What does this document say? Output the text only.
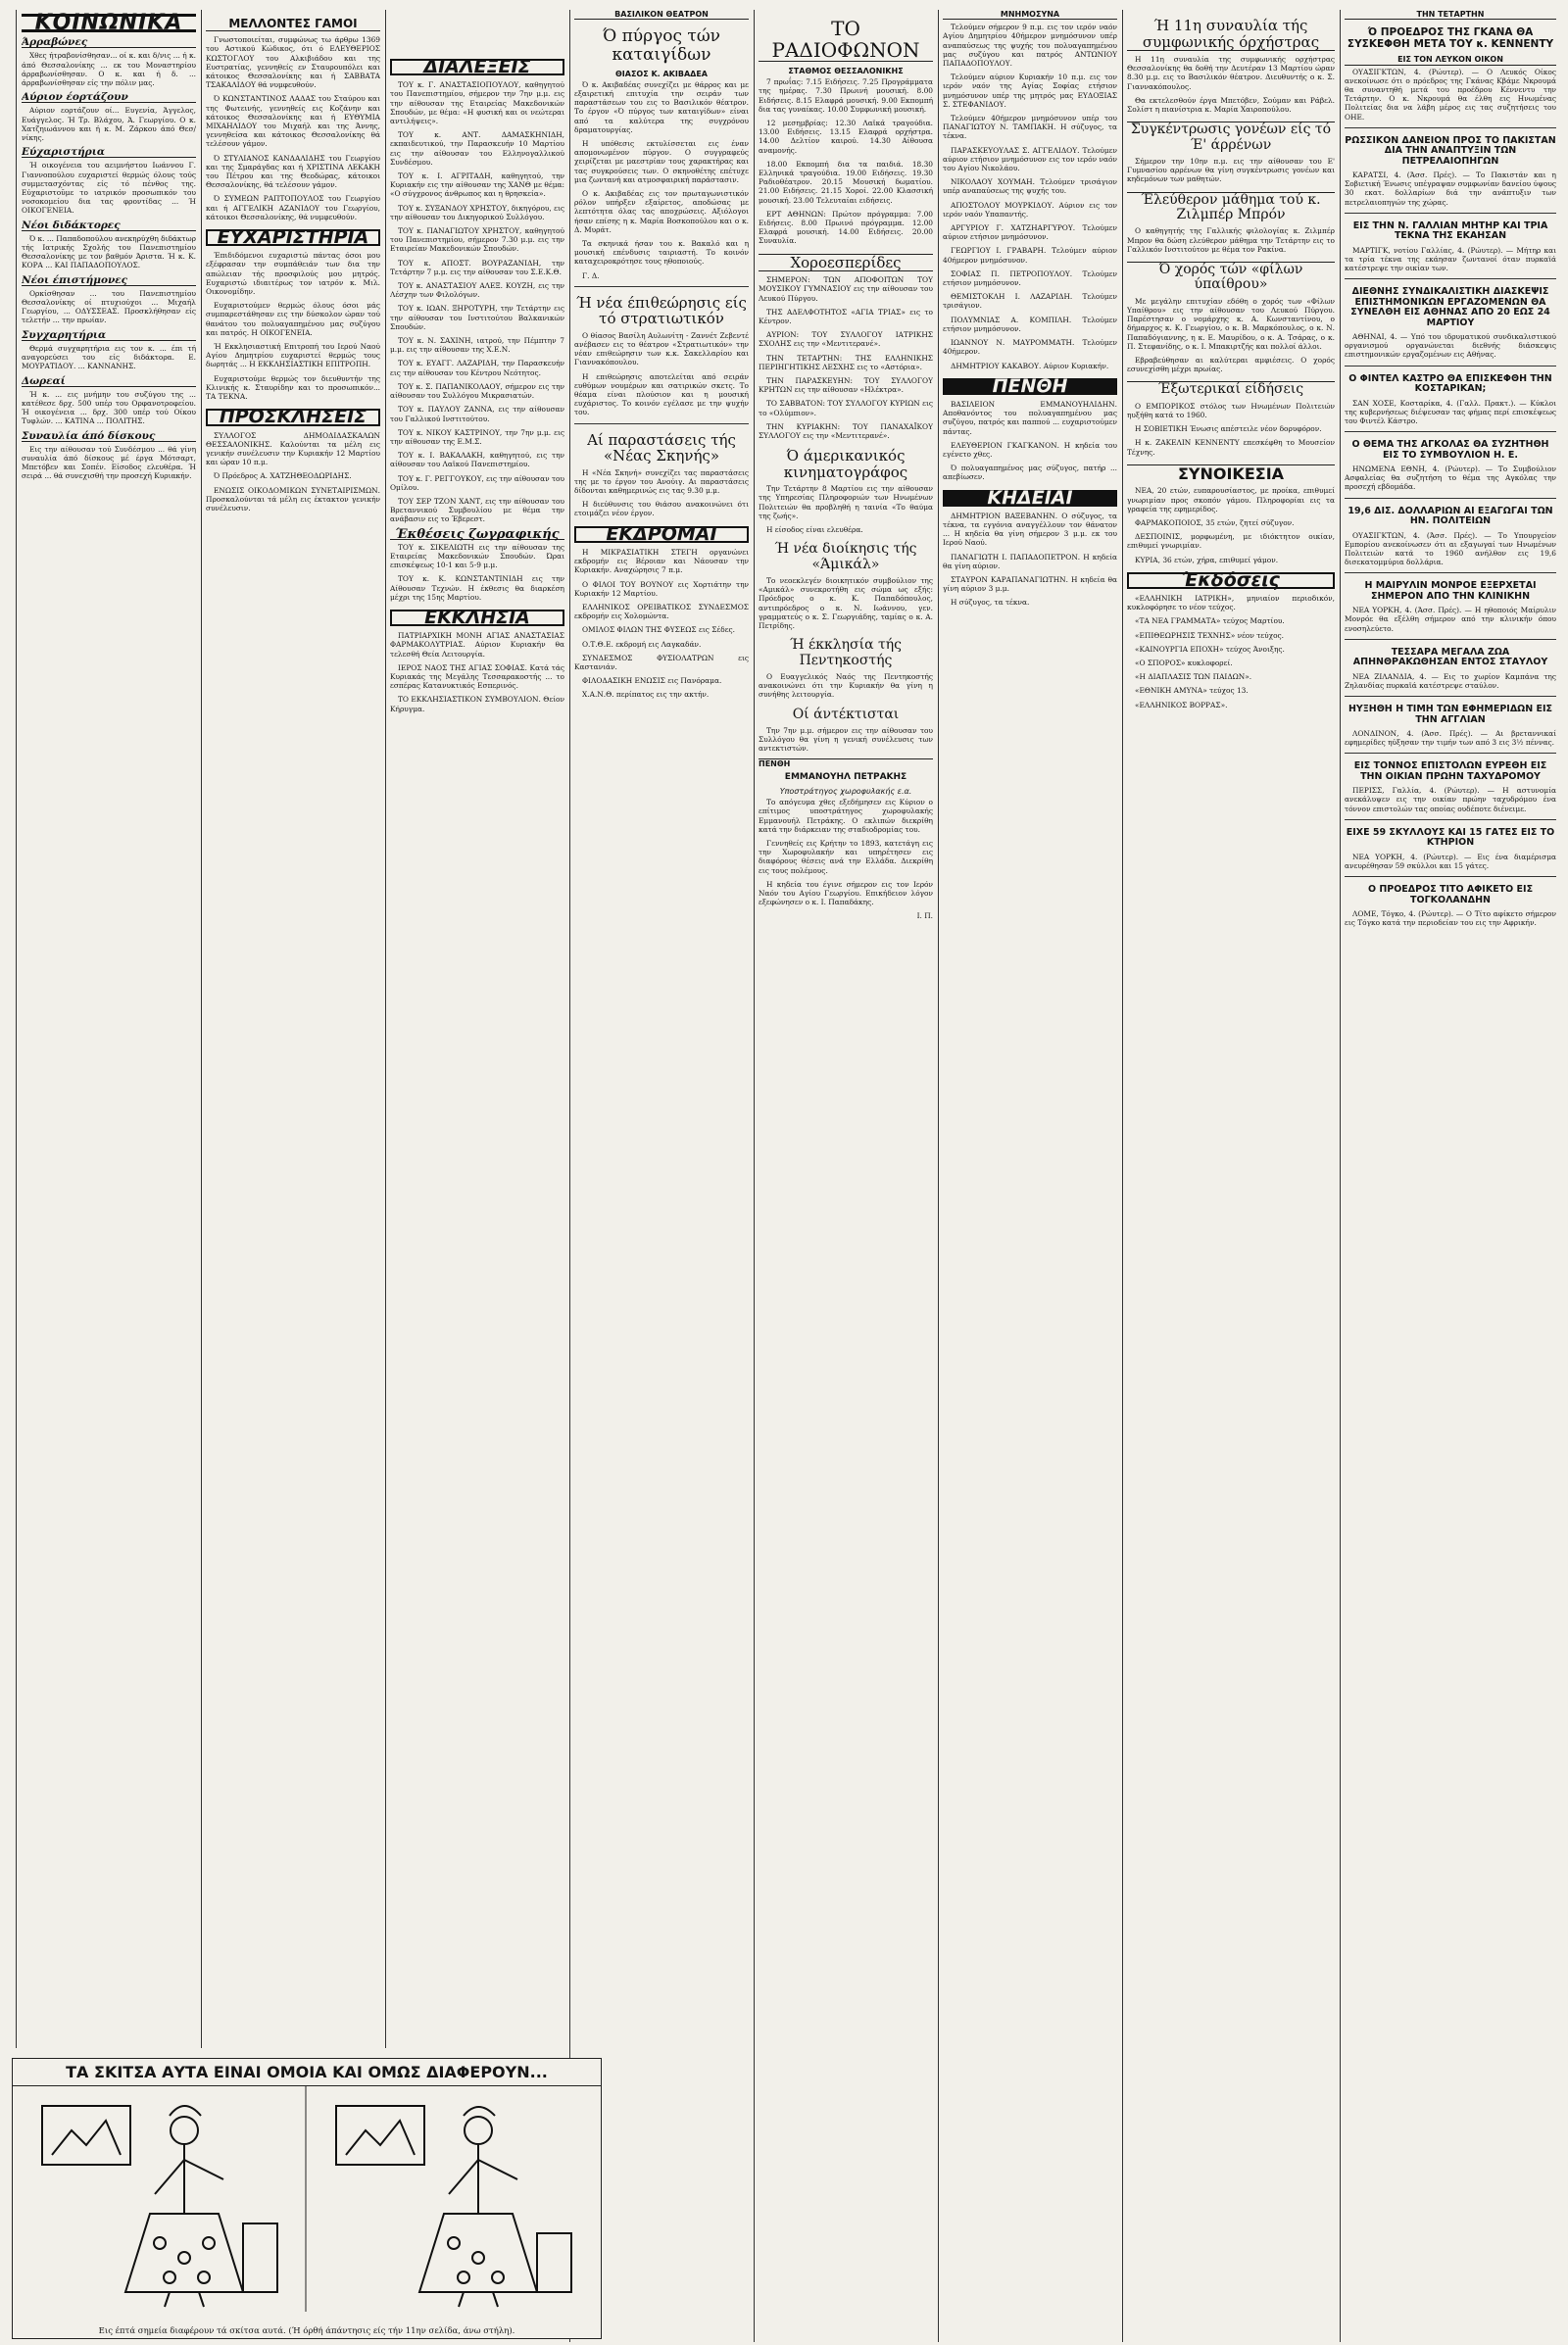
ΚΟΙΝΩΝΙΚΑ
Άρραβώνες

Χθες ήτραβονίσθησαν... οί κ. και δ/νις ... ή κ. άπό Θεσσαλονίκης ... εκ του Μοναστηρίου άρραβωνίσθησαν. Ο κ. και ή δ. ... άρραβωνίσθησαν είς την πόλιν μας.

Αύριον έορτάζουν

Αύριον εορτάζουν οί... Ευγενία, Άγγελος, Ευάγγελος. Ή Τρ. Βλάχου, Ά. Γεωργίου. Ο κ. Χατζηιωάννου και ή κ. Μ. Ζάρκου άπό Θεσ/νίκης.

Εύχαριστήρια

Ή οικογένεια του αειμνήστου Ιωάννου Γ. Γιαννοπούλου ευχαριστεί θερμώς όλους τούς συμμετασχόντας είς τό πένθος της. Εύχαριστοῦμε το ιατρικόν προσωπικόν του νοσοκομείου δια τας φροντίδας ... Ή ΟΙΚΟΓΕΝΕΙΑ.

Νέοι διδάκτορες

Ό κ. ... Παπαδοπούλου ανεκηρύχθη διδάκτωρ τής Ιατρικής Σχολής του Πανεπιστημίου Θεσσαλονίκης με τον βαθμόν Άριστα. Ή κ. Κ. ΚΟΡΑ ... ΚΑΙ ΠΑΠΑΔΟΠΟΥΛΟΣ.

Νέοι έπιστήμονες

Ορκίσθησαν ... του Πανεπιστημίου Θεσσαλονίκης οί πτυχιούχοι ... Μιχαήλ Γεωργίου, ... ΟΔΥΣΣΕΑΣ. Προσκλήθησαν είς τελετήν ... την πρωίαν.

Συγχαρητήρια

Θερμά συγχαρητήρια εις τον κ. ... έπι τή αναγορεύσει του είς διδάκτορα. Ε. ΜΟΥΡΑΤΙΔΟΥ. ... ΚΑΝΝΑΝΗΣ.

Δωρεαί

Ή κ. ... εις μνήμην του συζύγου της ... κατέθεσε δρχ. 500 υπέρ του Ορφανοτροφείου. Ή οικογένεια ... δρχ. 300 υπέρ τού Οίκου Τυφλών. ... ΚΑΤΙΝΑ ... ΠΟΛΙΤΗΣ.

Συναυλία άπό δίσκους

Εις την αίθουσαν τού Συνδέσμου ... θά γίνη συναυλία άπό δίσκους μέ έργα Μότσαρτ, Μπετόβεν και Σοπέν. Είσοδος ελευθέρα. Ή σειρά ... θά συνεχισθή την προσεχή Κυριακήν.

ΜΕΛΛΟΝΤΕΣ ΓΑΜΟΙ

Γνωστοποιείται, συμφώνως τω άρθρω 1369 του Αστικού Κώδικος, ότι ό ΕΛΕΥΘΕΡΙΟΣ ΚΩΣΤΟΓΛΟΥ του Αλκιβιάδου και της Ευστρατίας, γεννηθείς εν Σταυρουπόλει και κάτοικος Θεσσαλονίκης και ή ΣΑΒΒΑΤΑ ΤΣΑΚΑΛΙΔΟΥ θά νυμφευθούν.

Ό ΚΩΝΣΤΑΝΤΙΝΟΣ ΛΑΔΑΣ του Σταύρου και της Φωτεινής, γεννηθείς εις Κοζάνην και κάτοικος Θεσσαλονίκης και ή ΕΥΘΥΜΙΑ ΜΙΧΑΗΛΙΔΟΥ του Μιχαήλ και της Άννης, γεννηθείσα και κάτοικος Θεσσαλονίκης θά τελέσουν γάμον.

Ό ΣΤΥΛΙΑΝΟΣ ΚΑΝΔΑΛΙΔΗΣ του Γεωργίου και της Σμαράγδας και ή ΧΡΙΣΤΙΝΑ ΛΕΚΑΚΗ του Πέτρου και της Θεοδώρας, κάτοικοι Θεσσαλονίκης, θά τελέσουν γάμον.

Ό ΣΥΜΕΩΝ ΡΑΠΤΟΠΟΥΛΟΣ του Γεωργίου και ή ΑΓΓΕΛΙΚΗ ΑΖΑΝΙΔΟΥ του Γεωργίου, κάτοικοι Θεσσαλονίκης, θά νυμφευθούν.

ΕΥΧΑΡΙΣΤΗΡΙΑ

Έπιδιδόμενοι ευχαριστώ πάντας όσοι μου εξέφρασαν την συμπάθειάν των δια την απώλειαν τής προσφιλούς μου μητρός. Ευχαριστώ ιδιαιτέρως τον ιατρόν κ. Μιλ. Οικονομίδην.

Ευχαριστούμεν θερμώς όλους όσοι μάς συμπαρεστάθησαν εις την δύσκολον ώραν τού θανάτου του πολυαγαπημένου μας συζύγου και πατρός. Η ΟΙΚΟΓΕΝΕΙΑ.

Ή Εκκλησιαστική Επιτροπή του Ιερού Ναού Αγίου Δημητρίου ευχαριστεί θερμώς τους δωρητάς ... Η ΕΚΚΛΗΣΙΑΣΤΙΚΗ ΕΠΙΤΡΟΠΗ.

Ευχαριστούμε θερμώς τον διευθυντήν της Κλινικής κ. Σταυρίδην και το προσωπικόν... ΤΑ ΤΕΚΝΑ.

ΠΡΟΣΚΛΗΣΕΙΣ

ΣΥΛΛΟΓΟΣ ΔΗΜΟΔΙΔΑΣΚΑΛΩΝ ΘΕΣΣΑΛΟΝΙΚΗΣ. Καλούνται τα μέλη εις γενικήν συνέλευσιν την Κυριακήν 12 Μαρτίου και ώραν 10 π.μ.

Ό Πρόεδρος Α. ΧΑΤΖΗΘΕΟΔΩΡΙΔΗΣ.

ΕΝΩΣΙΣ ΟΙΚΟΔΟΜΙΚΩΝ ΣΥΝΕΤΑΙΡΙΣΜΩΝ. Προσκαλούνται τά μέλη εις έκτακτον γενικήν συνέλευσιν.

ΔΙΑΛΕΞΕΙΣ

ΤΟΥ κ. Γ. ΑΝΑΣΤΑΣΙΟΠΟΥΛΟΥ, καθηγητού του Πανεπιστημίου, σήμερον την 7ην μ.μ. εις την αίθουσαν της Εταιρείας Μακεδονικών Σπουδών, με θέμα: «Η φυσική και οι νεώτεραι αντιλήψεις».

ΤΟΥ κ. ΑΝΤ. ΔΑΜΑΣΚΗΝΙΔΗ, εκπαιδευτικού, την Παρασκευήν 10 Μαρτίου εις την αίθουσαν του Ελληνογαλλικού Συνδέσμου.

ΤΟΥ κ. Ι. ΑΓΡΙΤΑΔΗ, καθηγητού, την Κυριακήν εις την αίθουσαν της ΧΑΝΘ με θέμα: «Ο σύγχρονος άνθρωπος και η θρησκεία».

ΤΟΥ κ. ΣΥΞΑΝΔΟΥ ΧΡΗΣΤΟΥ, δικηγόρου, εις την αίθουσαν του Δικηγορικού Συλλόγου.

ΤΟΥ κ. ΠΑΝΑΓΙΩΤΟΥ ΧΡΗΣΤΟΥ, καθηγητού του Πανεπιστημίου, σήμερον 7.30 μ.μ. εις την Εταιρείαν Μακεδονικών Σπουδών.

ΤΟΥ κ. ΑΠΟΣΤ. ΒΟΥΡΑΖΑΝΙΔΗ, την Τετάρτην 7 μ.μ. εις την αίθουσαν του Σ.Ε.Κ.Θ.

ΤΟΥ κ. ΑΝΑΣΤΑΣΙΟΥ ΑΛΕΞ. ΚΟΥΖΗ, εις την Λέσχην των Φιλολόγων.

ΤΟΥ κ. ΙΩΑΝ. ΞΗΡΟΤΥΡΗ, την Τετάρτην εις την αίθουσαν του Ινστιτούτου Βαλκανικών Σπουδών.

ΤΟΥ κ. Ν. ΣΑΧΙΝΗ, ιατρού, την Πέμπτην 7 μ.μ. εις την αίθουσαν της Χ.Ε.Ν.

ΤΟΥ κ. ΕΥΑΓΓ. ΛΑΖΑΡΙΔΗ, την Παρασκευήν εις την αίθουσαν του Κέντρου Νεότητος.

ΤΟΥ κ. Σ. ΠΑΠΑΝΙΚΟΛΑΟΥ, σήμερον εις την αίθουσαν του Συλλόγου Μικρασιατών.

ΤΟΥ κ. ΠΑΥΛΟΥ ΖΑΝΝΑ, εις την αίθουσαν του Γαλλικού Ινστιτούτου.

ΤΟΥ κ. ΝΙΚΟΥ ΚΑΣΤΡΙΝΟΥ, την 7ην μ.μ. εις την αίθουσαν της Ε.Μ.Σ.

ΤΟΥ κ. Ι. ΒΑΚΑΛΑΚΗ, καθηγητού, εις την αίθουσαν του Λαϊκού Πανεπιστημίου.

ΤΟΥ κ. Γ. ΡΕΓΓΟΥΚΟΥ, εις την αίθουσαν του Ομίλου.

ΤΟΥ ΣΕΡ ΤΖΟΝ ΧΑΝΤ, εις την αίθουσαν του Βρεταννικού Συμβουλίου με θέμα την ανάβασιν εις το Έβερεστ.

Έκθέσεις ζωγραφικής

ΤΟΥ κ. ΣΙΚΕΛΙΩΤΗ εις την αίθουσαν της Εταιρείας Μακεδονικών Σπουδών. Ώραι επισκέψεως 10-1 και 5-9 μ.μ.

ΤΟΥ κ. Κ. ΚΩΝΣΤΑΝΤΙΝΙΔΗ εις την Αίθουσαν Τεχνών. Η έκθεσις θα διαρκέση μέχρι της 15ης Μαρτίου.

ΕΚΚΛΗΣΙΑ

ΠΑΤΡΙΑΡΧΙΚΗ ΜΟΝΗ ΑΓΙΑΣ ΑΝΑΣΤΑΣΙΑΣ ΦΑΡΜΑΚΟΛΥΤΡΙΑΣ. Αύριον Κυριακήν θα τελεσθή Θεία Λειτουργία.

ΙΕΡΟΣ ΝΑΟΣ ΤΗΣ ΑΓΙΑΣ ΣΟΦΙΑΣ. Κατά τάς Κυριακάς της Μεγάλης Τεσσαρακοστής ... το εσπέρας Κατανυκτικός Εσπερινός.

ΤΟ ΕΚΚΛΗΣΙΑΣΤΙΚΟΝ ΣΥΜΒΟΥΛΙΟΝ. Θείον Κήρυγμα.

ΒΑΣΙΛΙΚΟΝ ΘΕΑΤΡΟΝ
Ό πύργος τών καταιγίδων
ΘΙΑΣΟΣ Κ. ΑΚΙΒΑΔΕΑ

Ό κ. Ακιβαδέας συνεχίζει με θάρρος και με εξαιρετική επιτυχία την σειράν των παραστάσεων του εις το Βασιλικόν θέατρον. Το έργον «Ό πύργος των καταιγίδων» είναι από τα καλύτερα της συγχρόνου δραματουργίας.

Η υπόθεσις εκτυλίσσεται εις έναν απομονωμένον πύργον. Ο συγγραφεύς χειρίζεται με μαεστρίαν τους χαρακτήρας και τας συγκρούσεις των. Ο σκηνοθέτης επέτυχε μια ζωντανή και ατμοσφαιρική παράστασιν.

Ο κ. Ακιβαδέας εις τον πρωταγωνιστικόν ρόλον υπήρξεν εξαίρετος, αποδώσας με λεπτότητα όλας τας αποχρώσεις. Αξιόλογοι ήσαν επίσης η κ. Μαρία Βοσκοπούλου και ο κ. Δ. Μυράτ.

Τα σκηνικά ήσαν του κ. Βακαλό και η μουσική επένδυσις ταιριαστή. Το κοινόν καταχειροκρότησε τους ηθοποιούς.

Γ. Δ.

Ή νέα έπιθεώρησις είς τό στρατιωτικόν

Ο θίασος Βασίλη Αυλωνίτη - Ζαννέτ Ζεβεντέ ανέβασεν εις το θέατρον «Στρατιωτικόν» την νέαν επιθεώρησιν των κ.κ. Σακελλαρίου και Γιαννακόπουλου.

Η επιθεώρησις αποτελείται από σειράν ευθύμων νουμέρων και σατιρικών σκετς. Το θέαμα είναι πλούσιον και η μουσική ευχάριστος. Το κοινόν εγέλασε με την ψυχήν του.

Αί παραστάσεις τής «Νέας Σκηνής»

Η «Νέα Σκηνή» συνεχίζει τας παραστάσεις της με το έργον του Ανούιγ. Αι παραστάσεις δίδονται καθημερινώς εις τας 9.30 μ.μ.

Η διεύθυνσις του θιάσου ανακοινώνει ότι ετοιμάζει νέον έργον.

ΕΚΔΡΟΜΑΙ

Η ΜΙΚΡΑΣΙΑΤΙΚΗ ΣΤΕΓΗ οργανώνει εκδρομήν εις Βέροιαν και Νάουσαν την Κυριακήν. Αναχώρησις 7 π.μ.

Ο ΦΙΛΟΙ ΤΟΥ ΒΟΥΝΟΥ εις Χορτιάτην την Κυριακήν 12 Μαρτίου.

ΕΛΛΗΝΙΚΟΣ ΟΡΕΙΒΑΤΙΚΟΣ ΣΥΝΔΕΣΜΟΣ εκδρομήν εις Χολομώντα.

ΟΜΙΛΟΣ ΦΙΛΩΝ ΤΗΣ ΦΥΣΕΩΣ εις Σέδες.

Ο.Τ.Θ.Ε. εκδρομή εις Λαγκαδάν.

ΣΥΝΔΕΣΜΟΣ ΦΥΣΙΟΛΑΤΡΩΝ εις Καστανιάν.

ΦΙΛΟΔΑΣΙΚΗ ΕΝΩΣΙΣ εις Πανόραμα.

Χ.Α.Ν.Θ. περίπατος εις την ακτήν.

ΤΟ ΡΑΔΙΟΦΩΝΟΝ
ΣΤΑΘΜΟΣ ΘΕΣΣΑΛΟΝΙΚΗΣ

7 πρωΐας: 7.15 Ειδήσεις. 7.25 Προγράμματα της ημέρας. 7.30 Πρωινή μουσική. 8.00 Ειδήσεις. 8.15 Ελαφρά μουσική. 9.00 Εκπομπή δια τας γυναίκας. 10.00 Συμφωνική μουσική.

12 μεσημβρίας: 12.30 Λαϊκά τραγούδια. 13.00 Ειδήσεις. 13.15 Ελαφρά ορχήστρα. 14.00 Δελτίον καιρού. 14.30 Αίθουσα αναμονής.

18.00 Εκπομπή δια τα παιδιά. 18.30 Ελληνικά τραγούδια. 19.00 Ειδήσεις. 19.30 Ραδιοθέατρον. 20.15 Μουσική δωματίου. 21.00 Ειδήσεις. 21.15 Χοροί. 22.00 Κλασσική μουσική. 23.00 Τελευταίαι ειδήσεις.

ΕΡΤ ΑΘΗΝΩΝ: Πρώτον πρόγραμμα: 7.00 Ειδήσεις. 8.00 Πρωινό πρόγραμμα. 12.00 Ελαφρά μουσική. 14.00 Ειδήσεις. 20.00 Συναυλία.

Χοροεσπερίδες

ΣΗΜΕΡΟΝ: ΤΩΝ ΑΠΟΦΟΙΤΩΝ ΤΟΥ ΜΟΥΣΙΚΟΥ ΓΥΜΝΑΣΙΟΥ εις την αίθουσαν του Λευκού Πύργου.

ΤΗΣ ΑΔΕΛΦΟΤΗΤΟΣ «ΑΓΙΑ ΤΡΙΑΣ» εις το Κέντρον.

ΑΥΡΙΟΝ: ΤΟΥ ΣΥΛΛΟΓΟΥ ΙΑΤΡΙΚΗΣ ΣΧΟΛΗΣ εις την «Μεντιτερανέ».

ΤΗΝ ΤΕΤΑΡΤΗΝ: ΤΗΣ ΕΛΛΗΝΙΚΗΣ ΠΕΡΙΗΓΗΤΙΚΗΣ ΛΕΣΧΗΣ εις το «Αστόρια».

ΤΗΝ ΠΑΡΑΣΚΕΥΗΝ: ΤΟΥ ΣΥΛΛΟΓΟΥ ΚΡΗΤΩΝ εις την αίθουσαν «Ηλέκτρα».

ΤΟ ΣΑΒΒΑΤΟΝ: ΤΟΥ ΣΥΛΛΟΓΟΥ ΚΥΡΙΩΝ εις το «Ολύμπιον».

ΤΗΝ ΚΥΡΙΑΚΗΝ: ΤΟΥ ΠΑΝΑΧΑΪΚΟΥ ΣΥΛΛΟΓΟΥ εις την «Μεντιτερανέ».

Ό άμερικανικός κινηματογράφος

Την Τετάρτην 8 Μαρτίου εις την αίθουσαν της Υπηρεσίας Πληροφοριών των Ηνωμένων Πολιτειών θα προβληθή η ταινία «Το θαύμα της ζωής».

Η είσοδος είναι ελευθέρα.

Ή νέα διοίκησις τής «Άμικάλ»

Το νεοεκλεγέν διοικητικόν συμβούλιον της «Αμικάλ» συνεκροτήθη εις σώμα ως εξής: Πρόεδρος ο κ. Κ. Παπαδόπουλος, αντιπρόεδρος ο κ. Ν. Ιωάννου, γεν. γραμματεύς ο κ. Σ. Γεωργιάδης, ταμίας ο κ. Α. Πετρίδης.

Ή έκκλησία τής Πεντηκοστής

Ο Ευαγγελικός Ναός της Πεντηκοστής ανακοινώνει ότι την Κυριακήν θα γίνη η συνήθης λειτουργία.

Οί άντέκτισται

Την 7ην μ.μ. σήμερον εις την αίθουσαν του Συλλόγου θα γίνη η γενική συνέλευσις των αντεκτιστών.

ΠΕΝΘΗ
ΕΜΜΑΝΟΥΗΛ ΠΕΤΡΑΚΗΣ
Υποστράτηγος χωροφυλακής ε.α.

Το απόγευμα χθες εξεδήμησεν εις Κύριον ο επίτιμος υποστράτηγος χωροφυλακής Εμμανουήλ Πετράκης. Ο εκλιπών διεκρίθη κατά την διάρκειαν της σταδιοδρομίας του.

Γεννηθείς εις Κρήτην το 1893, κατετάγη εις την Χωροφυλακήν και υπηρέτησεν εις διαφόρους θέσεις ανά την Ελλάδα. Διεκρίθη εις τους πολέμους.

Η κηδεία του έγινε σήμερον εις τον Ιερόν Ναόν του Αγίου Γεωργίου. Επικήδειον λόγον εξεφώνησεν ο κ. Ι. Παπαδάκης.

Ι. Π.
ΜΝΗΜΟΣΥΝΑ

Τελούμεν σήμερον 9 π.μ. εις τον ιερόν ναόν Αγίου Δημητρίου 40ήμερον μνημόσυνον υπέρ αναπαύσεως της ψυχής του πολυαγαπημένου μας συζύγου και πατρός ΑΝΤΩΝΙΟΥ ΠΑΠΑΔΟΠΟΥΛΟΥ.

Τελούμεν αύριον Κυριακήν 10 π.μ. εις τον ιερόν ναόν της Αγίας Σοφίας ετήσιον μνημόσυνον υπέρ της μητρός μας ΕΥΔΟΞΙΑΣ Σ. ΣΤΕΦΑΝΙΔΟΥ.

Τελούμεν 40ήμερον μνημόσυνον υπέρ του ΠΑΝΑΓΙΩΤΟΥ Ν. ΤΑΜΠΑΚΗ. Η σύζυγος, τα τέκνα.

ΠΑΡΑΣΚΕΥΟΥΛΑΣ Σ. ΑΓΓΕΛΙΔΟΥ. Τελούμεν αύριον ετήσιον μνημόσυνον εις τον ιερόν ναόν του Αγίου Νικολάου.

ΝΙΚΟΛΑΟΥ ΧΟΥΜΑΗ. Τελούμεν τρισάγιον υπέρ αναπαύσεως της ψυχής του.

ΑΠΟΣΤΟΛΟΥ ΜΟΥΡΚΙΔΟΥ. Αύριον εις τον ιερόν ναόν Υπαπαντής.

ΑΡΓΥΡΙΟΥ Γ. ΧΑΤΖΗΑΡΓΥΡΟΥ. Τελούμεν αύριον ετήσιον μνημόσυνον.

ΓΕΩΡΓΙΟΥ Ι. ΓΡΑΒΑΡΗ. Τελούμεν αύριον 40ήμερον μνημόσυνον.

ΣΟΦΙΑΣ Π. ΠΕΤΡΟΠΟΥΛΟΥ. Τελούμεν ετήσιον μνημόσυνον.

ΘΕΜΙΣΤΟΚΛΗ Ι. ΛΑΖΑΡΙΔΗ. Τελούμεν τρισάγιον.

ΠΟΛΥΜΝΙΑΣ Α. ΚΟΜΠΙΛΗ. Τελούμεν ετήσιον μνημόσυνον.

ΙΩΑΝΝΟΥ Ν. ΜΑΥΡΟΜΜΑΤΗ. Τελούμεν 40ήμερον.

ΔΗΜΗΤΡΙΟΥ ΚΑΚΑΒΟΥ. Αύριον Κυριακήν.

ΠΕΝΘΗ

ΒΑΣΙΛΕΙΟΝ ΕΜΜΑΝΟΥΗΛΙΔΗΝ. Αποθανόντος του πολυαγαπημένου μας συζύγου, πατρός και παππού ... ευχαριστούμεν πάντας.

ΕΛΕΥΘΕΡΙΟΝ ΓΚΑΓΚΑΝΟΝ. Η κηδεία του εγένετο χθες.

Ό πολυαγαπημένος μας σύζυγος, πατήρ ... απεβίωσεν.

ΚΗΔΕΙΑΙ

ΔΗΜΗΤΡΙΟΝ ΒΑΞΕΒΑΝΗΝ. Ο σύζυγος, τα τέκνα, τα εγγόνια αναγγέλλουν τον θάνατον ... Η κηδεία θα γίνη σήμερον 3 μ.μ. εκ του Ιερού Ναού.

ΠΑΝΑΓΙΩΤΗ Ι. ΠΑΠΑΔΟΠΕΤΡΟΝ. Η κηδεία θα γίνη αύριον.

ΣΤΑΥΡΟΝ ΚΑΡΑΠΑΝΑΓΙΩΤΗΝ. Η κηδεία θα γίνη αύριον 3 μ.μ.

Η σύζυγος, τα τέκνα.

Ή 11η συναυλία τής συμφωνικής όρχήστρας

Η 11η συναυλία της συμφωνικής ορχήστρας Θεσσαλονίκης θα δοθή την Δευτέραν 13 Μαρτίου ώραν 8.30 μ.μ. εις το Βασιλικόν θέατρον. Διευθυντής ο κ. Σ. Γιαννακόπουλος.

Θα εκτελεσθούν έργα Μπετόβεν, Σούμαν και Ράβελ. Σολίστ η πιανίστρια κ. Μαρία Χαιροπούλου.

Συγκέντρωσις γονέων είς τό Έ' άρρένων

Σήμερον την 10ην π.μ. εις την αίθουσαν του Ε' Γυμνασίου αρρένων θα γίνη συγκέντρωσις γονέων και κηδεμόνων των μαθητών.

Έλεύθερον μάθημα τού κ. Ζιλμπέρ Μπρόν

Ο καθηγητής της Γαλλικής φιλολογίας κ. Ζιλμπέρ Μπρον θα δώση ελεύθερον μάθημα την Τετάρτην εις το Γαλλικόν Ινστιτούτον με θέμα τον Ρακίνα.

Ό χορός τών «φίλων ύπαίθρου»

Με μεγάλην επιτυχίαν εδόθη ο χορός των «Φίλων Υπαίθρου» εις την αίθουσαν του Λευκού Πύργου. Παρέστησαν ο νομάρχης κ. Α. Κωνσταντίνου, ο δήμαρχος κ. Κ. Γεωργίου, ο κ. Β. Μαρκόπουλος, ο κ. Ν. Παπαδόγιαννης, η κ. Ε. Μαυρίδου, ο κ. Α. Τσάρας, ο κ. Π. Στεφανίδης, ο κ. Ι. Μπακιρτζής και πολλοί άλλοι.

Εβραβεύθησαν αι καλύτεραι αμφιέσεις. Ο χορός εσυνεχίσθη μέχρι πρωίας.

Έξωτερικαί είδήσεις

Ο ΕΜΠΟΡΙΚΟΣ στόλος των Ηνωμένων Πολιτειών ηυξήθη κατά το 1960.

Η ΣΟΒΙΕΤΙΚΗ Ένωσις απέστειλε νέον δορυφόρον.

Η κ. ΖΑΚΕΛΙΝ ΚΕΝΝΕΝΤΥ επεσκέφθη το Μουσείον Τέχνης.

ΣΥΝΟΙΚΕΣΙΑ

ΝΕΑ, 20 ετών, ευπαρουσίαστος, με προίκα, επιθυμεί γνωριμίαν προς σκοπόν γάμου. Πληροφορίαι εις τα γραφεία της εφημερίδος.

ΦΑΡΜΑΚΟΠΟΙΟΣ, 35 ετών, ζητεί σύζυγον.

ΔΕΣΠΟΙΝΙΣ, μορφωμένη, με ιδιόκτητον οικίαν, επιθυμεί γνωριμίαν.

ΚΥΡΙΑ, 36 ετών, χήρα, επιθυμεί γάμον.

Έκδόσεις

«ΕΛΛΗΝΙΚΗ ΙΑΤΡΙΚΗ», μηνιαίον περιοδικόν, κυκλοφόρησε το νέον τεύχος.

«ΤΑ ΝΕΑ ΓΡΑΜΜΑΤΑ» τεύχος Μαρτίου.

«ΕΠΙΘΕΩΡΗΣΙΣ ΤΕΧΝΗΣ» νέον τεύχος.

«ΚΑΙΝΟΥΡΓΙΑ ΕΠΟΧΗ» τεύχος Άνοιξης.

«Ο ΣΠΟΡΟΣ» κυκλοφορεί.

«Η ΔΙΑΠΛΑΣΙΣ ΤΩΝ ΠΑΙΔΩΝ».

«ΕΘΝΙΚΗ ΑΜΥΝΑ» τεύχος 13.

«ΕΛΛΗΝΙΚΟΣ ΒΟΡΡΑΣ».

ΤΗΝ ΤΕΤΑΡΤΗΝ
Ό ΠΡΟΕΔΡΟΣ ΤΗΣ ΓΚΑΝΑ ΘΑ ΣΥΣΚΕΦΘΗ ΜΕΤΑ ΤΟΥ κ. ΚΕΝΝΕΝΤΥ
ΕΙΣ ΤΟΝ ΛΕΥΚΟΝ ΟΙΚΟΝ

ΟΥΑΣΙΓΚΤΩΝ, 4. (Ρώυτερ). — Ο Λευκός Οίκος ανεκοίνωσε ότι ο πρόεδρος της Γκάνας Κβάμε Νκρουμά θα συναντηθή μετά του προέδρου Κέννεντυ την Τετάρτην. Ο κ. Νκρουμά θα έλθη εις Ηνωμένας Πολιτείας δια να λάβη μέρος εις τας συζητήσεις του ΟΗΕ.

ΡΩΣΣΙΚΟΝ ΔΑΝΕΙΟΝ ΠΡΟΣ ΤΟ ΠΑΚΙΣΤΑΝ ΔΙΑ ΤΗΝ ΑΝΑΠΤΥΞΙΝ ΤΩΝ ΠΕΤΡΕΛΑΙΟΠΗΓΩΝ

ΚΑΡΑΤΣΙ, 4. (Άσσ. Πρές). — Το Πακιστάν και η Σοβιετική Ένωσις υπέγραψαν συμφωνίαν δανείου ύψους 30 εκατ. δολλαρίων διά την ανάπτυξιν των πετρελαιοπηγών της χώρας.

ΕΙΣ ΤΗΝ Ν. ΓΑΛΛΙΑΝ ΜΗΤΗΡ ΚΑΙ ΤΡΙΑ ΤΕΚΝΑ ΤΗΣ ΕΚΑΗΣΑΝ

ΜΑΡΤΙΓΚ, νοτίου Γαλλίας, 4. (Ρώυτερ). — Μήτηρ και τα τρία τέκνα της εκάησαν ζωντανοί όταν πυρκαϊά κατέστρεψε την οικίαν των.

ΔΙΕΘΝΗΣ ΣΥΝΔΙΚΑΛΙΣΤΙΚΗ ΔΙΑΣΚΕΨΙΣ ΕΠΙΣΤΗΜΟΝΙΚΩΝ ΕΡΓΑΖΟΜΕΝΩΝ ΘΑ ΣΥΝΕΛΘΗ ΕΙΣ ΑΘΗΝΑΣ ΑΠΟ 20 ΕΩΣ 24 ΜΑΡΤΙΟΥ

ΑΘΗΝΑΙ, 4. — Υπό του ιδρυματικού συνδικαλιστικού οργανισμού οργανώνεται διεθνής διάσκεψις επιστημονικών εργαζομένων εις Αθήνας.

Ο ΦΙΝΤΕΛ ΚΑΣΤΡΟ ΘΑ ΕΠΙΣΚΕΦΘΗ ΤΗΝ ΚΟΣΤΑΡΙΚΑΝ;

ΣΑΝ ΧΟΣΕ, Κοσταρίκα, 4. (Γαλλ. Πρακτ.). — Κύκλοι της κυβερνήσεως διέψευσαν τας φήμας περί επισκέψεως του Φιντέλ Κάστρο.

Ο ΘΕΜΑ ΤΗΣ ΑΓΚΟΛΑΣ ΘΑ ΣΥΖΗΤΗΘΗ ΕΙΣ ΤΟ ΣΥΜΒΟΥΛΙΟΝ Η. Ε.

ΗΝΩΜΕΝΑ ΕΘΝΗ, 4. (Ρώυτερ). — Το Συμβούλιον Ασφαλείας θα συζητήση το θέμα της Αγκόλας την προσεχή εβδομάδα.

19,6 ΔΙΣ. ΔΟΛΛΑΡΙΩΝ ΑΙ ΕΞΑΓΩΓΑΙ ΤΩΝ ΗΝ. ΠΟΛΙΤΕΙΩΝ

ΟΥΑΣΙΓΚΤΩΝ, 4. (Άσσ. Πρές). — Το Υπουργείον Εμπορίου ανεκοίνωσεν ότι αι εξαγωγαί των Ηνωμένων Πολιτειών κατά το 1960 ανήλθον εις 19,6 δισεκατομμύρια δολλάρια.

Η ΜΑΙΡΥΛΙΝ ΜΟΝΡΟΕ ΕΞΕΡΧΕΤΑΙ ΣΗΜΕΡΟΝ ΑΠΟ ΤΗΝ ΚΛΙΝΙΚΗΝ

ΝΕΑ ΥΟΡΚΗ, 4. (Άσσ. Πρές). — Η ηθοποιός Μαίρυλιν Μονρόε θα εξέλθη σήμερον από την κλινικήν όπου ενοσηλεύετο.

ΤΕΣΣΑΡΑ ΜΕΓΑΛΑ ΖΩΑ ΑΠΗΝΘΡΑΚΩΘΗΣΑΝ ΕΝΤΟΣ ΣΤΑΥΛΟΥ

ΝΕΑ ΖΙΛΑΝΔΙΑ, 4. — Εις το χωρίον Καμπάνα της Ζηλανδίας πυρκαϊά κατέστρεψε σταύλον.

ΗΥΞΗΘΗ Η ΤΙΜΗ ΤΩΝ ΕΦΗΜΕΡΙΔΩΝ ΕΙΣ ΤΗΝ ΑΓΓΛΙΑΝ

ΛΟΝΔΙΝΟΝ, 4. (Άσσ. Πρές). — Αι βρεταννικαί εφημερίδες ηύξησαν την τιμήν των από 3 εις 3½ πέννας.

ΕΙΣ ΤΟΝΝΟΣ ΕΠΙΣΤΟΛΩΝ ΕΥΡΕΘΗ ΕΙΣ ΤΗΝ ΟΙΚΙΑΝ ΠΡΩΗΝ ΤΑΧΥΔΡΟΜΟΥ

ΠΕΡΙΣΣ, Γαλλία, 4. (Ρώυτερ). — Η αστυνομία ανεκάλυψεν εις την οικίαν πρώην ταχυδρόμου ένα τόννον επιστολών τας οποίας ουδέποτε διένειμε.

ΕΙΧΕ 59 ΣΚΥΛΛΟΥΣ ΚΑΙ 15 ΓΑΤΕΣ ΕΙΣ ΤΟ ΚΤΗΡΙΟΝ

ΝΕΑ ΥΟΡΚΗ, 4. (Ρώυτερ). — Εις ένα διαμέρισμα ανευρέθησαν 59 σκύλλοι και 15 γάτες.

Ο ΠΡΟΕΔΡΟΣ ΤΙΤΟ ΑΦΙΚΕΤΟ ΕΙΣ ΤΟΓΚΟΛΑΝΔΗΝ

ΛΟΜΕ, Τόγκο, 4. (Ρώυτερ). — Ο Τίτο αφίκετο σήμερον εις Τόγκο κατά την περιοδείαν του εις την Αφρικήν.

ΤΑ ΣΚΙΤΣΑ ΑΥΤΑ ΕΙΝΑΙ ΟΜΟΙΑ ΚΑΙ ΟΜΩΣ ΔΙΑΦΕΡΟΥΝ...
Εις έπτά σημεία διαφέρουν τά σκίτσα αυτά. (Ή όρθή άπάντησις είς τήν 11ην σελίδα, άνω στήλη).
